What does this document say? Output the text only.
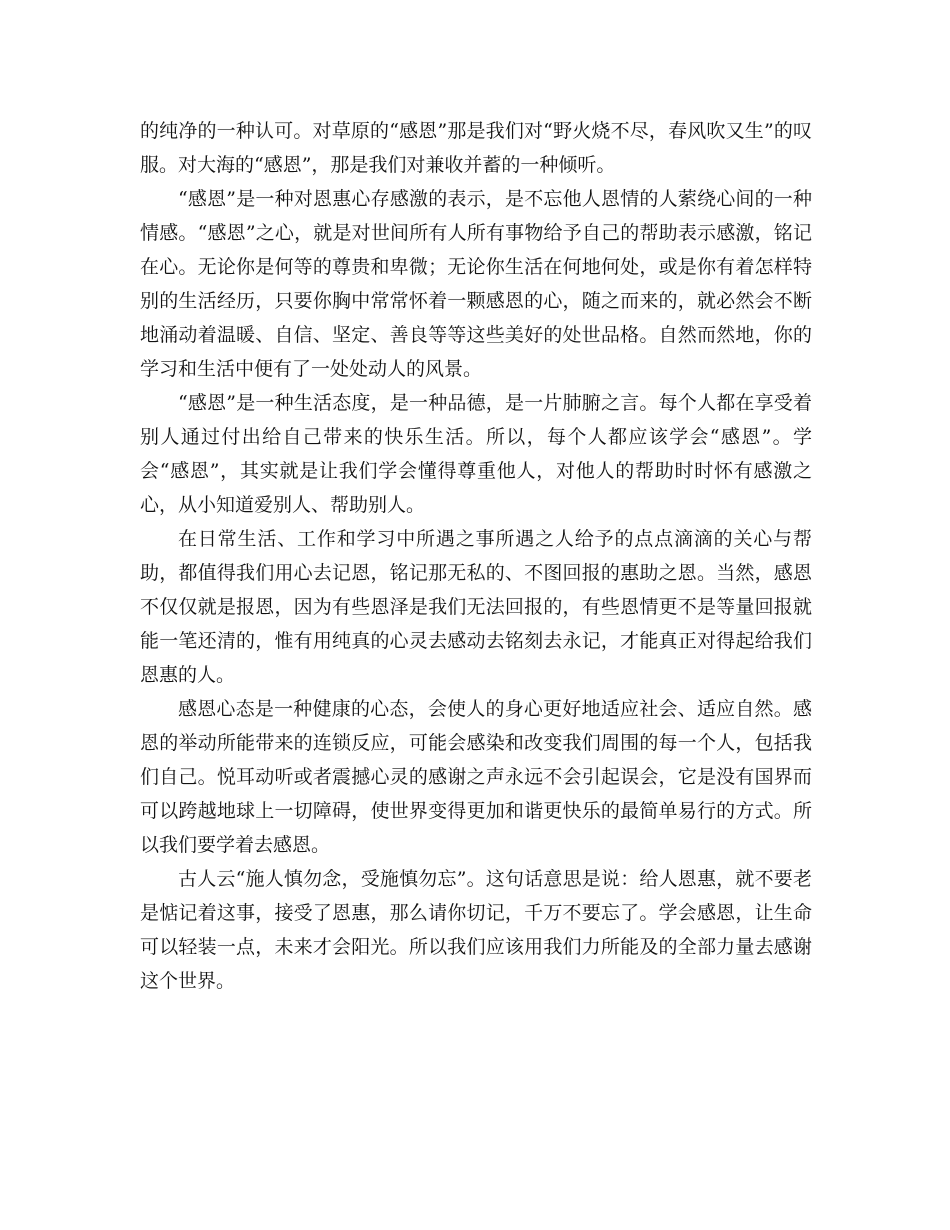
的纯净的一种认可。对草原的“感恩”那是我们对“野火烧不尽，春风吹又生”的叹服。对大海的“感恩”，那是我们对兼收并蓄的一种倾听。

“感恩”是一种对恩惠心存感激的表示，是不忘他人恩情的人萦绕心间的一种情感。“感恩”之心，就是对世间所有人所有事物给予自己的帮助表示感激，铭记在心。无论你是何等的尊贵和卑微；无论你生活在何地何处，或是你有着怎样特别的生活经历，只要你胸中常常怀着一颗感恩的心，随之而来的，就必然会不断地涌动着温暖、自信、坚定、善良等等这些美好的处世品格。自然而然地，你的学习和生活中便有了一处处动人的风景。

“感恩”是一种生活态度，是一种品德，是一片肺腑之言。每个人都在享受着别人通过付出给自己带来的快乐生活。所以，每个人都应该学会“感恩”。学会“感恩”，其实就是让我们学会懂得尊重他人，对他人的帮助时时怀有感激之心，从小知道爱别人、帮助别人。

在日常生活、工作和学习中所遇之事所遇之人给予的点点滴滴的关心与帮助，都值得我们用心去记恩，铭记那无私的、不图回报的惠助之恩。当然，感恩不仅仅就是报恩，因为有些恩泽是我们无法回报的，有些恩情更不是等量回报就能一笔还清的，惟有用纯真的心灵去感动去铭刻去永记，才能真正对得起给我们恩惠的人。

感恩心态是一种健康的心态，会使人的身心更好地适应社会、适应自然。感恩的举动所能带来的连锁反应，可能会感染和改变我们周围的每一个人，包括我们自己。悦耳动听或者震撼心灵的感谢之声永远不会引起误会，它是没有国界而可以跨越地球上一切障碍，使世界变得更加和谐更快乐的最简单易行的方式。所以我们要学着去感恩。

古人云“施人慎勿念，受施慎勿忘”。这句话意思是说：给人恩惠，就不要老是惦记着这事，接受了恩惠，那么请你切记，千万不要忘了。学会感恩，让生命可以轻装一点，未来才会阳光。所以我们应该用我们力所能及的全部力量去感谢这个世界。
